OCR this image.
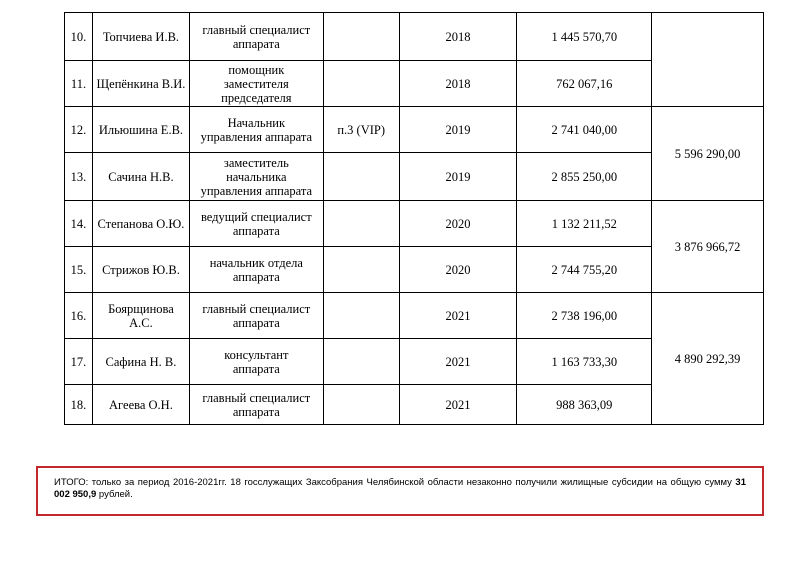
10.	Топчиева И.В.	главный специалист
аппарата		2018	1 445 570,70	
11.	Щепёнкина В.И.	помощник
заместителя
председателя		2018	762 067,16	
12.	Ильюшина Е.В.	Начальник
управления аппарата	п.3 (VIP)	2019	2 741 040,00	5 596 290,00
13.	Сачина Н.В.	заместитель
начальника
управления аппарата		2019	2 855 250,00	
14.	Степанова О.Ю.	ведущий специалист
аппарата		2020	1 132 211,52	3 876 966,72
15.	Стрижов Ю.В.	начальник отдела
аппарата		2020	2 744 755,20	
16.	Боярщинова А.С.	главный специалист
аппарата		2021	2 738 196,00	4 890 292,39
17.	Сафина Н. В.	консультант
аппарата		2021	1 163 733,30	
18.	Агеева О.Н.	главный специалист
аппарата		2021	988 363,09	
ИТОГО: только за период 2016-2021гг. 18 госслужащих Заксобрания Челябинской области незаконно получили жилищные субсидии на общую сумму 31 002 950,9 рублей.
